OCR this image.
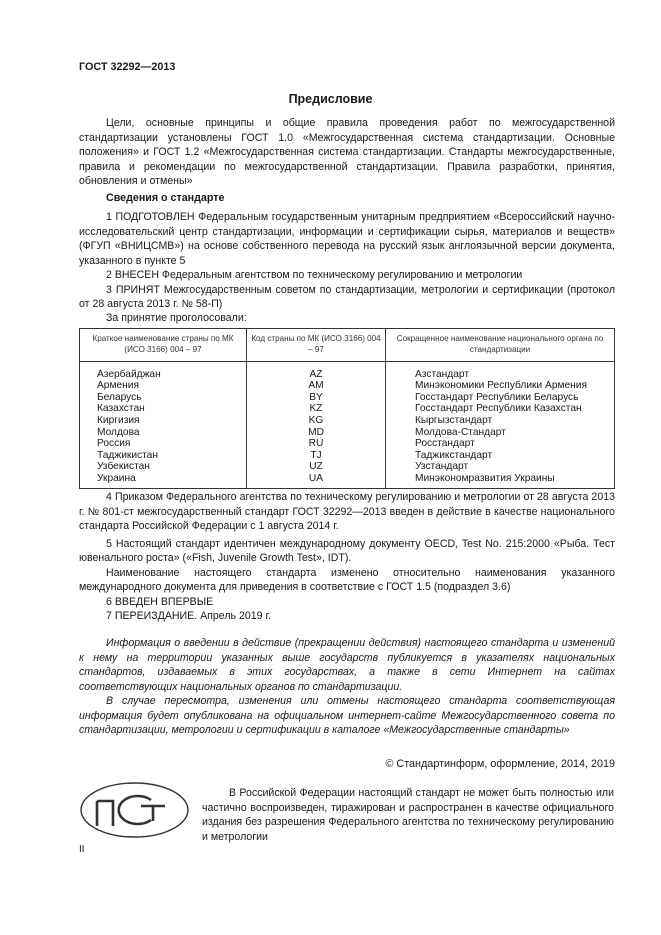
ГОСТ 32292—2013
Предисловие
Цели, основные принципы и общие правила проведения работ по межгосударственной стандартизации установлены ГОСТ 1.0 «Межгосударственная система стандартизации. Основные положения» и ГОСТ 1.2 «Межгосударственная система стандартизации. Стандарты межгосударственные, правила и рекомендации по межгосударственной стандартизации. Правила разработки, принятия, обновления и отмены»
Сведения о стандарте

1 ПОДГОТОВЛЕН Федеральным государственным унитарным предприятием «Всероссийский научно-исследовательский центр стандартизации, информации и сертификации сырья, материалов и веществ» (ФГУП «ВНИЦСМВ») на основе собственного перевода на русский язык англоязычной версии документа, указанного в пункте 5

2 ВНЕСЕН Федеральным агентством по техническому регулированию и метрологии

3 ПРИНЯТ Межгосударственным советом по стандартизации, метрологии и сертификации (протокол от 28 августа 2013 г. № 58-П)

За принятие проголосовали:
Краткое наименование страны по МК (ИСО 3166) 004 – 97	Код страны по МК (ИСО 3166) 004 – 97	Сокращенное наименование национального органа по стандартизации
Азербайджан	AZ	Азстандарт
Армения	AM	Минэкономики Республики Армения
Беларусь	BY	Госстандарт Республики Беларусь
Казахстан	KZ	Госстандарт Республики Казахстан
Киргизия	KG	Кыргызстандарт
Молдова	MD	Молдова-Стандарт
Россия	RU	Росстандарт
Таджикистан	TJ	Таджикстандарт
Узбекистан	UZ	Узстандарт
Украина	UA	Минэкономразвития Украины

4 Приказом Федерального агентства по техническому регулированию и метрологии от 28 августа 2013 г. № 801-ст межгосударственный стандарт ГОСТ 32292—2013 введен в действие в качестве национального стандарта Российской Федерации с 1 августа 2014 г.

5 Настоящий стандарт идентичен международному документу OECD, Test No. 215:2000 «Рыба. Тест ювенального роста» («Fish, Juvenile Growth Test», IDT).

Наименование настоящего стандарта изменено относительно наименования указанного международного документа для приведения в соответствие с ГОСТ 1.5 (подраздел 3.6)

6 ВВЕДЕН ВПЕРВЫЕ

7 ПЕРЕИЗДАНИЕ. Апрель 2019 г.

Информация о введении в действие (прекращении действия) настоящего стандарта и изменений к нему на территории указанных выше государств публикуется в указателях национальных стандартов, издаваемых в этих государствах, а также в сети Интернет на сайтах соответствующих национальных органов по стандартизации.

В случае пересмотра, изменения или отмены настоящего стандарта соответствующая информация будет опубликована на официальном интернет-сайте Межгосударственного совета по стандартизации, метрологии и сертификации в каталоге «Межгосударственные стандарты»

© Стандартинформ, оформление, 2014, 2019
В Российской Федерации настоящий стандарт не может быть полностью или частично воспроизведен, тиражирован и распространен в качестве официального издания без разрешения Федерального агентства по техническому регулированию и метрологии
II
